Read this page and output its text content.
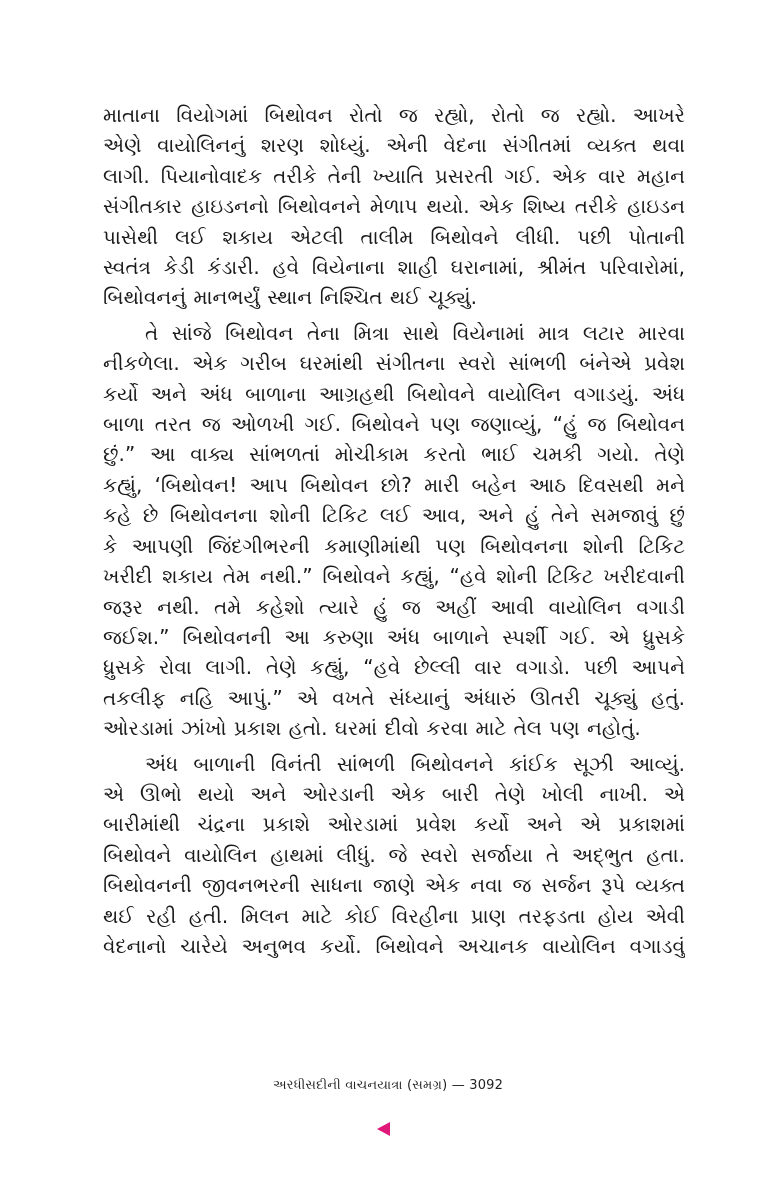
માતાના વિયોગમાં બિથોવન રોતો જ રહ્યો, રોતો જ રહ્યો. આખરે
એણે વાયોલિનનું શરણ શોધ્યું. એની વેદના સંગીતમાં વ્યક્ત થવા
લાગી. પિયાનોવાદક તરીકે તેની ખ્યાતિ પ્રસરતી ગઈ. એક વાર મહાન
સંગીતકાર હાઇડનનો બિથોવનને મેળાપ થયો. એક શિષ્ય તરીકે હાઇડન
પાસેથી લઈ શકાય એટલી તાલીમ બિથોવને લીધી. પછી પોતાની
સ્વતંત્ર કેડી કંડારી. હવે વિયેનાના શાહી ઘરાનામાં, શ્રીમંત પરિવારોમાં,
બિથોવનનું માનભર્યું સ્થાન નિશ્ચિત થઈ ચૂક્યું.

તે સાંજે બિથોવન તેના મિત્રા સાથે વિયેનામાં માત્ર લટાર મારવા
નીકળેલા. એક ગરીબ ઘરમાંથી સંગીતના સ્વરો સાંભળી બંનેએ પ્રવેશ
કર્યો અને અંધ બાળાના આગ્રહથી બિથોવને વાયોલિન વગાડયું. અંધ
બાળા તરત જ ઓળખી ગઈ. બિથોવને પણ જણાવ્યું, “હું જ બિથોવન
છું.” આ વાક્ય સાંભળતાં મોચીકામ કરતો ભાઈ ચમકી ગયો. તેણે
કહ્યું, ‘બિથોવન! આપ બિથોવન છો? મારી બહેન આઠ દિવસથી મને
કહે છે બિથોવનના શોની ટિકિટ લઈ આવ, અને હું તેને સમજાવું છું
કે આપણી જિંદગીભરની કમાણીમાંથી પણ બિથોવનના શોની ટિકિટ
ખરીદી શકાય તેમ નથી.” બિથોવને કહ્યું, “હવે શોની ટિકિટ ખરીદવાની
જરૂર નથી. તમે કહેશો ત્યારે હું જ અહીં આવી વાયોલિન વગાડી
જઈશ.” બિથોવનની આ કરુણા અંધ બાળાને સ્પર્શી ગઈ. એ ધ્રુસકે
ધ્રુસકે રોવા લાગી. તેણે કહ્યું, “હવે છેલ્લી વાર વગાડો. પછી આપને
તકલીફ નહિ આપું.” એ વખતે સંધ્યાનું અંધારું ઊતરી ચૂક્યું હતું.
ઓરડામાં ઝાંખો પ્રકાશ હતો. ઘરમાં દીવો કરવા માટે તેલ પણ નહોતું.

અંધ બાળાની વિનંતી સાંભળી બિથોવનને કાંઈક સૂઝી આવ્યું.
એ ઊભો થયો અને ઓરડાની એક બારી તેણે ખોલી નાખી. એ
બારીમાંથી ચંદ્રના પ્રકાશે ઓરડામાં પ્રવેશ કર્યો અને એ પ્રકાશમાં
બિથોવને વાયોલિન હાથમાં લીધું. જે સ્વરો સર્જાયા તે અદ્ભુત હતા.
બિથોવનની જીવનભરની સાધના જાણે એક નવા જ સર્જન રૂપે વ્યક્ત
થઈ રહી હતી. મિલન માટે કોઈ વિરહીના પ્રાણ તરફડતા હોય એવી
વેદનાનો ચારેયે અનુભવ કર્યો. બિથોવને અચાનક વાયોલિન વગાડવું

અરધીસદીની વાચનયાત્રા (સમગ્ર) — 3092
